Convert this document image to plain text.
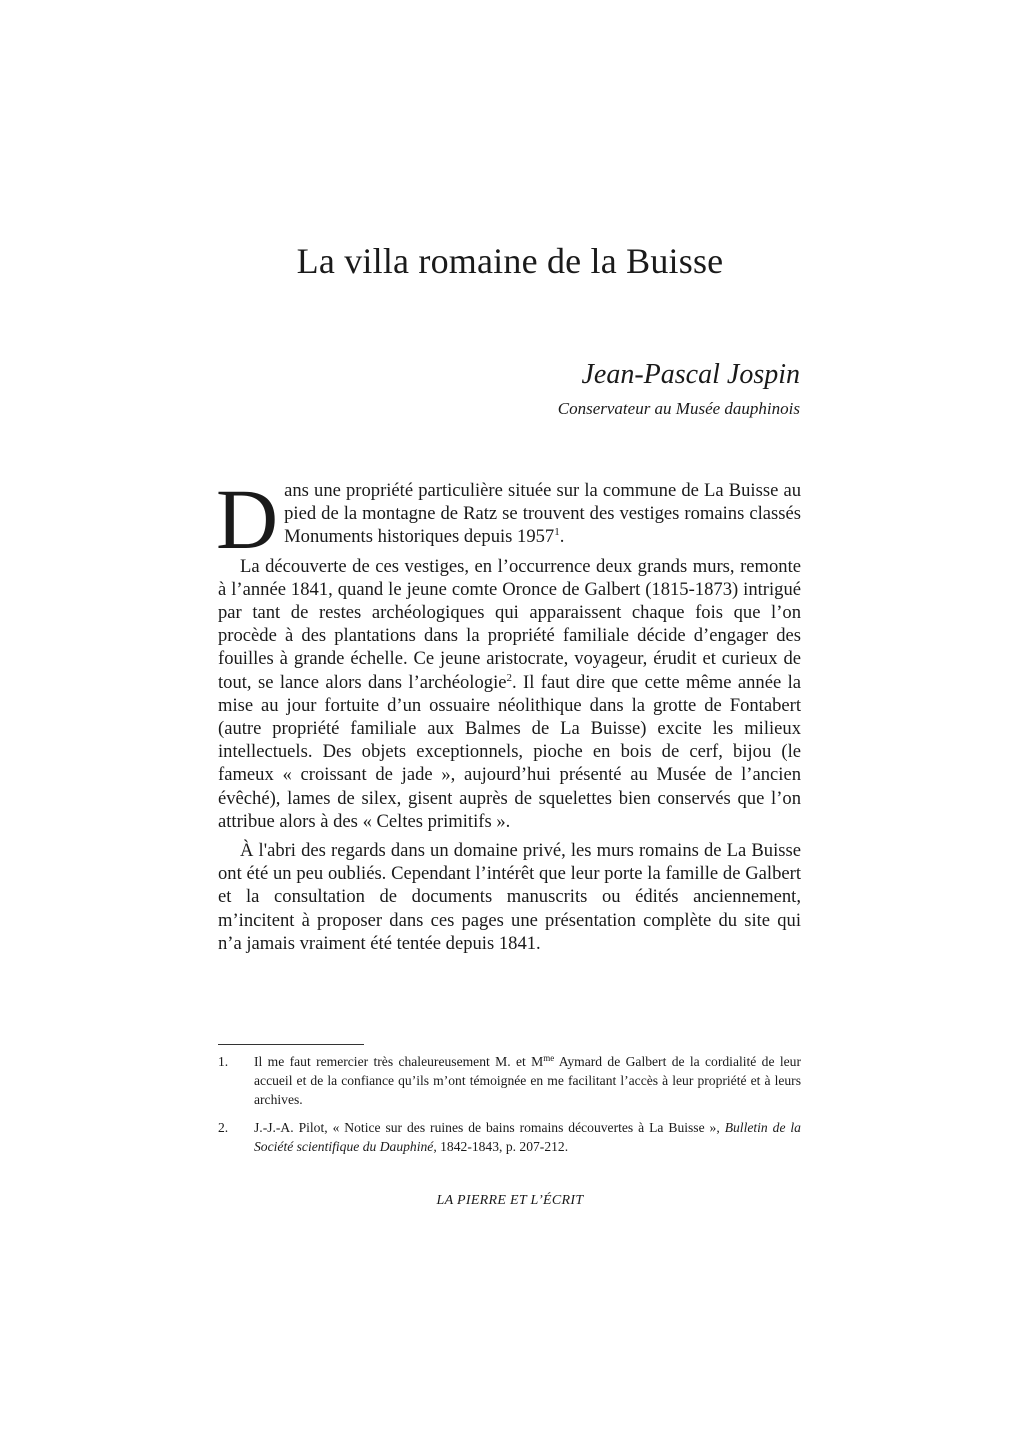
La villa romaine de la Buisse

Jean-Pascal Jospin

Conservateur au Musée dauphinois

Dans une propriété particulière située sur la commune de La Buisse au pied de la montagne de Ratz se trouvent des vestiges romains classés Monuments historiques depuis 1957$^1$.

La découverte de ces vestiges, en l’occurrence deux grands murs, remonte à l’année 1841, quand le jeune comte Oronce de Galbert (1815-1873) intrigué par tant de restes archéologiques qui apparaissent chaque fois que l’on procède à des plantations dans la propriété familiale décide d’engager des fouilles à grande échelle. Ce jeune aristocrate, voyageur, érudit et curieux de tout, se lance alors dans l’archéologie$^2$. Il faut dire que cette même année la mise au jour fortuite d’un ossuaire néolithique dans la grotte de Fontabert (autre propriété familiale aux Balmes de La Buisse) excite les milieux intellectuels. Des objets exceptionnels, pioche en bois de cerf, bijou (le fameux « croissant de jade », aujourd’hui présenté au Musée de l’ancien évêché), lames de silex, gisent auprès de squelettes bien conservés que l’on attribue alors à des « Celtes primitifs ».

À l'abri des regards dans un domaine privé, les murs romains de La Buisse ont été un peu oubliés. Cependant l’intérêt que leur porte la famille de Galbert et la consultation de documents manuscrits ou édités anciennement, m’incitent à proposer dans ces pages une présentation complète du site qui n’a jamais vraiment été tentée depuis 1841.

1. Il me faut remercier très chaleureusement M. et $M^{me}$ Aymard de Galbert de la cordialité de leur accueil et de la confiance qu’ils m’ont témoignée en me facilitant l’accès à leur propriété et à leurs archives.
2. J.-J.-A. Pilot, « Notice sur des ruines de bains romains découvertes à La Buisse », Bulletin de la Société scientifique du Dauphiné, 1842-1843, p. 207-212.
LA PIERRE ET L’ÉCRIT
